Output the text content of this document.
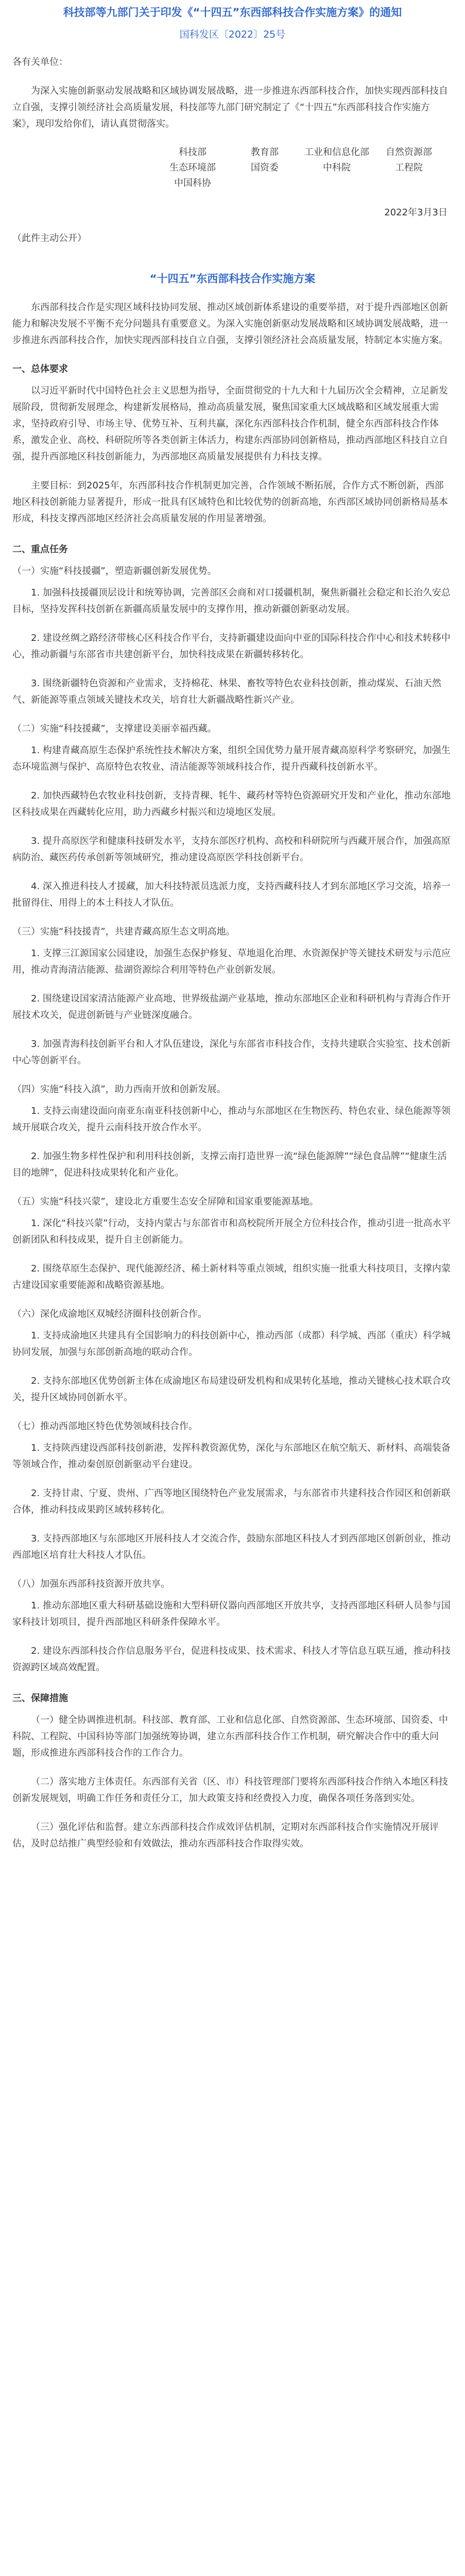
科技部等九部门关于印发《“十四五”东西部科技合作实施方案》的通知
国科发区〔2022〕25号

各有关单位：

为深入实施创新驱动发展战略和区域协调发展战略，进一步推进东西部科技合作，加快实现西部科技自立自强，支撑引领经济社会高质量发展，科技部等九部门研究制定了《“十四五”东西部科技合作实施方案》，现印发给你们，请认真贯彻落实。

科技部	教育部	工业和信息化部	自然资源部
生态环境部	国资委	中科院	工程院
中国科协
2022年3月3日
（此件主动公开）
“十四五”东西部科技合作实施方案

东西部科技合作是实现区域科技协同发展、推动区域创新体系建设的重要举措，对于提升西部地区创新能力和解决发展不平衡不充分问题具有重要意义。为深入实施创新驱动发展战略和区域协调发展战略，进一步推进东西部科技合作，加快实现西部科技自立自强，支撑引领经济社会高质量发展，特制定本实施方案。

一、总体要求

以习近平新时代中国特色社会主义思想为指导，全面贯彻党的十九大和十九届历次全会精神，立足新发展阶段，贯彻新发展理念，构建新发展格局，推动高质量发展，聚焦国家重大区域战略和区域发展重大需求，坚持政府引导、市场主导、优势互补、互利共赢，深化东西部科技合作机制，健全东西部科技合作体系，激发企业、高校、科研院所等各类创新主体活力，构建东西部协同创新格局，推动西部地区科技自立自强，提升西部地区科技创新能力，为西部地区高质量发展提供有力科技支撑。

主要目标：到2025年，东西部科技合作机制更加完善，合作领域不断拓展，合作方式不断创新，西部地区科技创新能力显著提升，形成一批具有区域特色和比较优势的创新高地，东西部区域协同创新格局基本形成，科技支撑西部地区经济社会高质量发展的作用显著增强。

二、重点任务
（一）实施“科技援疆”，塑造新疆创新发展优势。

1. 加强科技援疆顶层设计和统筹协调，完善部区会商和对口援疆机制，聚焦新疆社会稳定和长治久安总目标，坚持发挥科技创新在新疆高质量发展中的支撑作用，推动新疆创新驱动发展。

2. 建设丝绸之路经济带核心区科技合作平台，支持新疆建设面向中亚的国际科技合作中心和技术转移中心，推动新疆与东部省市共建创新平台，加快科技成果在新疆转移转化。

3. 围绕新疆特色资源和产业需求，支持棉花、林果、畜牧等特色农业科技创新，推动煤炭、石油天然气、新能源等重点领域关键技术攻关，培育壮大新疆战略性新兴产业。

（二）实施“科技援藏”，支撑建设美丽幸福西藏。

1. 构建青藏高原生态保护系统性技术解决方案，组织全国优势力量开展青藏高原科学考察研究，加强生态环境监测与保护、高原特色农牧业、清洁能源等领域科技合作，提升西藏科技创新水平。

2. 加快西藏特色农牧业科技创新，支持青稞、牦牛、藏药材等特色资源研究开发和产业化，推动东部地区科技成果在西藏转化应用，助力西藏乡村振兴和边境地区发展。

3. 提升高原医学和健康科技研发水平，支持东部医疗机构、高校和科研院所与西藏开展合作，加强高原病防治、藏医药传承创新等领域研究，推动建设高原医学科技创新平台。

4. 深入推进科技人才援藏，加大科技特派员选派力度，支持西藏科技人才到东部地区学习交流，培养一批留得住、用得上的本土科技人才队伍。

（三）实施“科技援青”，共建青藏高原生态文明高地。

1. 支撑三江源国家公园建设，加强生态保护修复、草地退化治理、水资源保护等关键技术研发与示范应用，推动青海清洁能源、盐湖资源综合利用等特色产业创新发展。

2. 围绕建设国家清洁能源产业高地、世界级盐湖产业基地，推动东部地区企业和科研机构与青海合作开展技术攻关，促进创新链与产业链深度融合。

3. 加强青海科技创新平台和人才队伍建设，深化与东部省市科技合作，支持共建联合实验室、技术创新中心等创新平台。

（四）实施“科技入滇”，助力西南开放和创新发展。

1. 支持云南建设面向南亚东南亚科技创新中心，推动与东部地区在生物医药、特色农业、绿色能源等领域开展联合攻关，提升云南科技开放合作水平。

2. 加强生物多样性保护和利用科技创新，支撑云南打造世界一流“绿色能源牌”“绿色食品牌”“健康生活目的地牌”，促进科技成果转化和产业化。

（五）实施“科技兴蒙”，建设北方重要生态安全屏障和国家重要能源基地。

1. 深化“科技兴蒙”行动，支持内蒙古与东部省市和高校院所开展全方位科技合作，推动引进一批高水平创新团队和科技成果，提升自主创新能力。

2. 围绕草原生态保护、现代能源经济、稀土新材料等重点领域，组织实施一批重大科技项目，支撑内蒙古建设国家重要能源和战略资源基地。

（六）深化成渝地区双城经济圈科技创新合作。

1. 支持成渝地区共建具有全国影响力的科技创新中心，推动西部（成都）科学城、西部（重庆）科学城协同发展，加强与东部创新高地的联动合作。

2. 支持东部地区优势创新主体在成渝地区布局建设研发机构和成果转化基地，推动关键核心技术联合攻关，提升区域协同创新水平。

（七）推动西部地区特色优势领域科技合作。

1. 支持陕西建设西部科技创新港，发挥科教资源优势，深化与东部地区在航空航天、新材料、高端装备等领域合作，推动秦创原创新驱动平台建设。

2. 支持甘肃、宁夏、贵州、广西等地区围绕特色产业发展需求，与东部省市共建科技合作园区和创新联合体，推动科技成果跨区域转移转化。

3. 支持西部地区与东部地区开展科技人才交流合作，鼓励东部地区科技人才到西部地区创新创业，推动西部地区培育壮大科技人才队伍。

（八）加强东西部科技资源开放共享。

1. 推动东部地区重大科研基础设施和大型科研仪器向西部地区开放共享，支持西部地区科研人员参与国家科技计划项目，提升西部地区科研条件保障水平。

2. 建设东西部科技合作信息服务平台，促进科技成果、技术需求、科技人才等信息互联互通，推动科技资源跨区域高效配置。

三、保障措施

（一）健全协调推进机制。科技部、教育部、工业和信息化部、自然资源部、生态环境部、国资委、中科院、工程院、中国科协等部门加强统筹协调，建立东西部科技合作工作机制，研究解决合作中的重大问题，形成推进东西部科技合作的工作合力。

（二）落实地方主体责任。东西部有关省（区、市）科技管理部门要将东西部科技合作纳入本地区科技创新发展规划，明确工作任务和责任分工，加大政策支持和经费投入力度，确保各项任务落到实处。

（三）强化评估和监督。建立东西部科技合作成效评估机制，定期对东西部科技合作实施情况开展评估，及时总结推广典型经验和有效做法，推动东西部科技合作取得实效。
